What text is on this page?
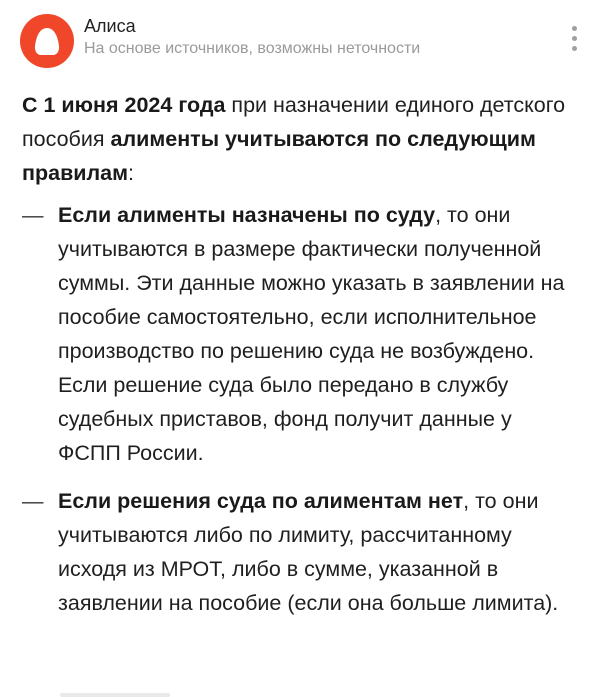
Алиса
На основе источников, возможны неточности

С 1 июня 2024 года при назначении единого детского пособия алименты учитываются по следующим правилам:

— Если алименты назначены по суду, то они учитываются в размере фактически полученной суммы. Эти данные можно указать в заявлении на пособие самостоятельно, если исполнительное производство по решению суда не возбуждено. Если решение суда было передано в службу судебных приставов, фонд получит данные у ФСПП России.
— Если решения суда по алиментам нет, то они учитываются либо по лимиту, рассчитанному исходя из МРОТ, либо в сумме, указанной в заявлении на пособие (если она больше лимита).
